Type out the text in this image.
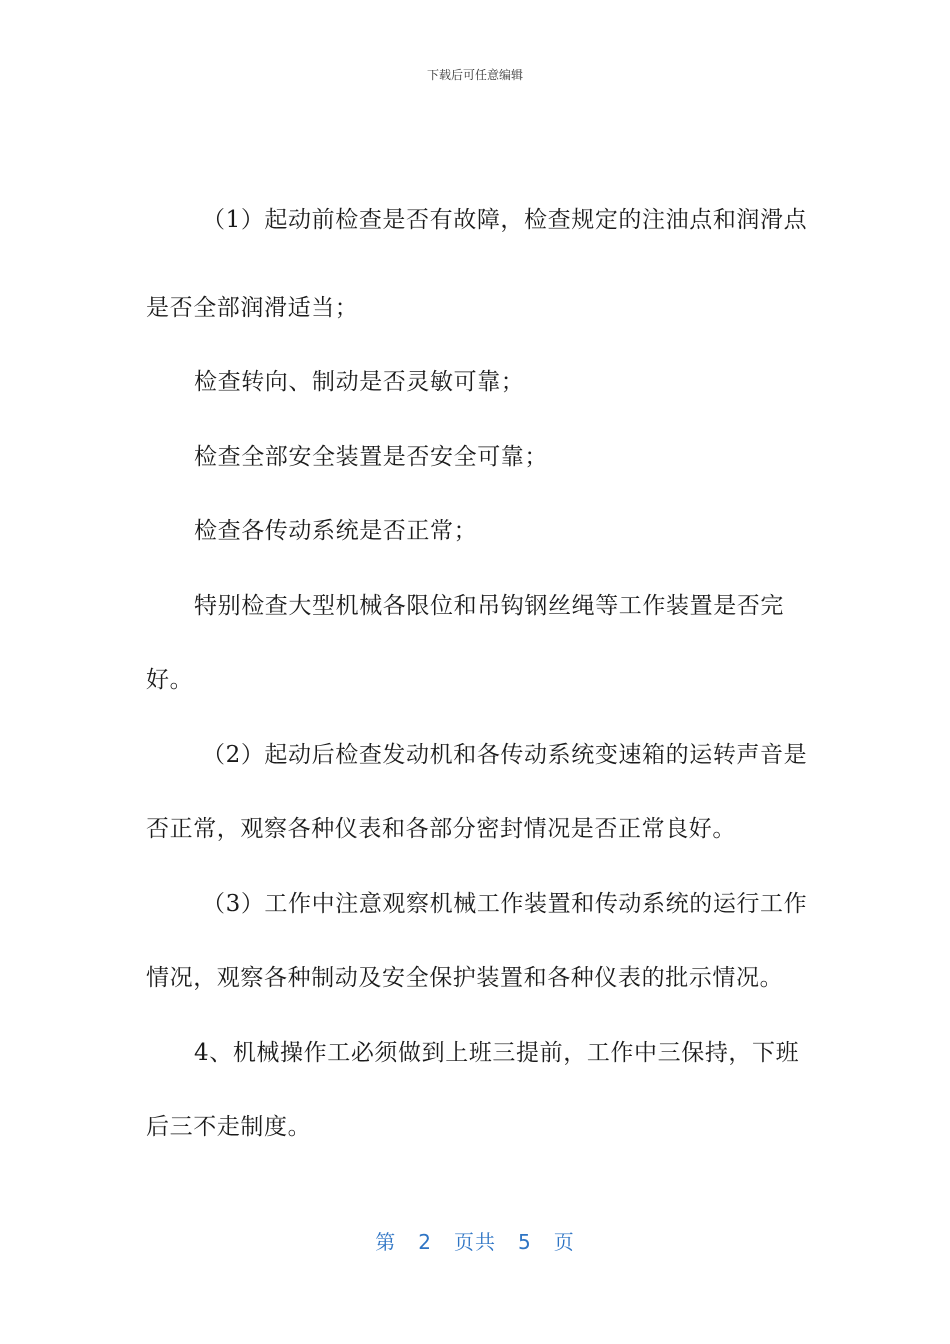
下载后可任意编辑

（1）起动前检查是否有故障，检查规定的注油点和润滑点

是否全部润滑适当；

检查转向、制动是否灵敏可靠；

检查全部安全装置是否安全可靠；

检查各传动系统是否正常；

特别检查大型机械各限位和吊钩钢丝绳等工作装置是否完

好。

（2）起动后检查发动机和各传动系统变速箱的运转声音是

否正常，观察各种仪表和各部分密封情况是否正常良好。

（3）工作中注意观察机械工作装置和传动系统的运行工作

情况，观察各种制动及安全保护装置和各种仪表的批示情况。

4、机械操作工必须做到上班三提前，工作中三保持，下班

后三不走制度。

第 2 页共 5 页
